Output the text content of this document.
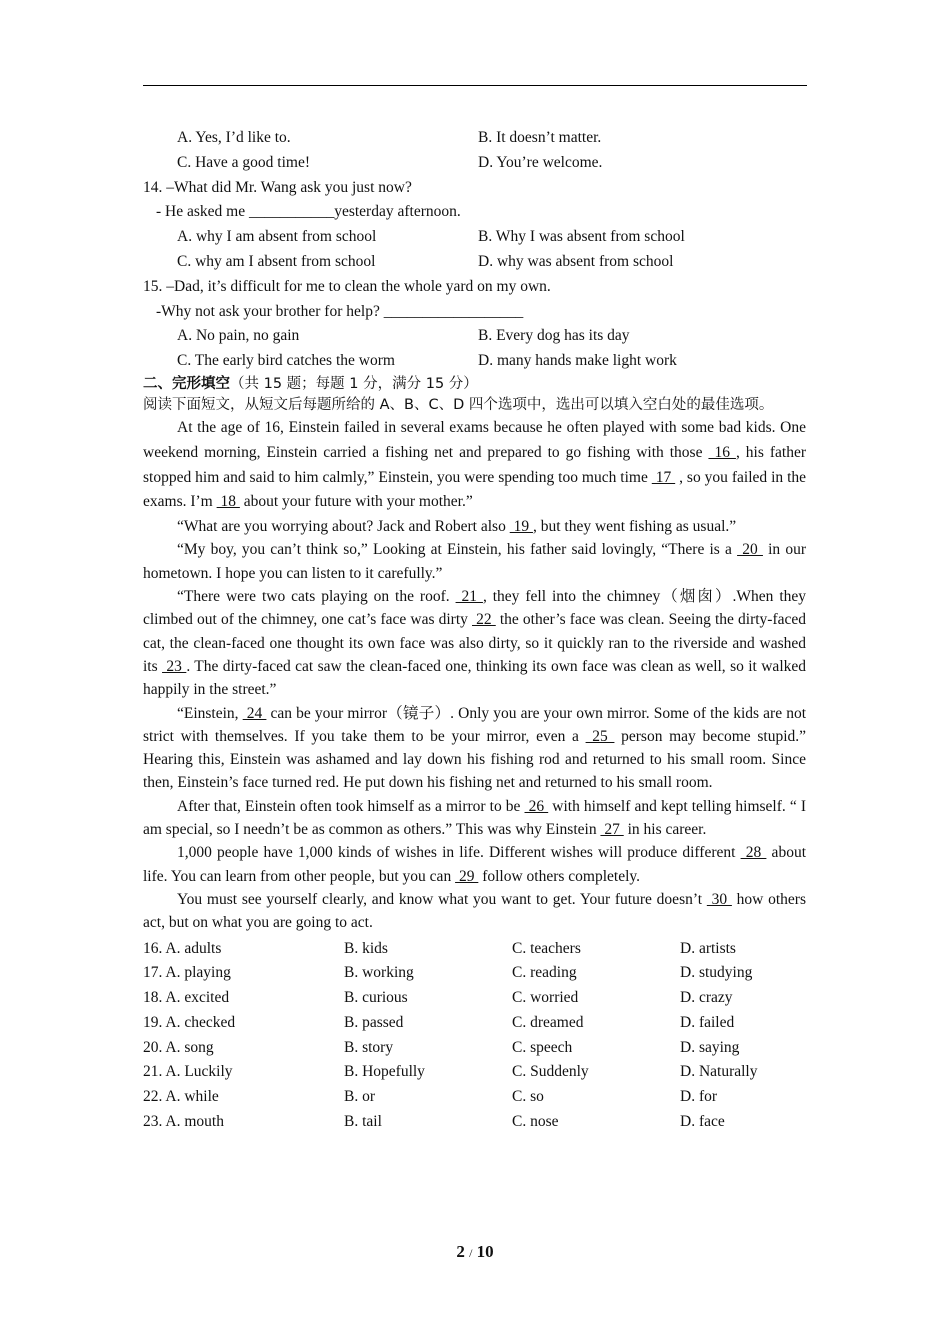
A. Yes, I’d like to.	B. It doesn’t matter.
C. Have a good time!	D. You’re welcome.
14. –What did Mr. Wang ask you just now?
- He asked me ___________yesterday afternoon.
A. why I am absent from school	B. Why I was absent from school
C. why am I absent from school	D. why was absent from school
15. –Dad, it’s difficult for me to clean the whole yard on my own.
-Why not ask your brother for help? __________________
A. No pain, no gain	B. Every dog has its day
C. The early bird catches the worm	D. many hands make light work
二、完形填空（共 15 题；每题 1 分，满分 15 分）
阅读下面短文，从短文后每题所给的 A、B、C、D 四个选项中，选出可以填入空白处的最佳选项。
At the age of 16, Einstein failed in several exams because he often played with some bad kids. One weekend morning, Einstein carried a fishing net and prepared to go fishing with those  16 , his father stopped him and said to him calmly,” Einstein, you were spending too much time  17  , so you failed in the exams. I’m  18  about your future with your mother.”
“What are you worrying about? Jack and Robert also  19 , but they went fishing as usual.”
“My boy, you can’t think so,” Looking at Einstein, his father said lovingly, “There is a  20  in our hometown. I hope you can listen to it carefully.”
“There were two cats playing on the roof.  21 , they fell into the chimney（烟囱）.When they climbed out of the chimney, one cat’s face was dirty  22  the other’s face was clean. Seeing the dirty-faced cat, the clean-faced one thought its own face was also dirty, so it quickly ran to the riverside and washed its  23 . The dirty-faced cat saw the clean-faced one, thinking its own face was clean as well, so it walked happily in the street.”
“Einstein,  24  can be your mirror（镜子）. Only you are your own mirror. Some of the kids are not strict with themselves. If you take them to be your mirror, even a  25  person may become stupid.” Hearing this, Einstein was ashamed and lay down his fishing rod and returned to his small room. Since then, Einstein’s face turned red. He put down his fishing net and returned to his small room.
After that, Einstein often took himself as a mirror to be  26  with himself and kept telling himself. “ I am special, so I needn’t be as common as others.” This was why Einstein  27  in his career.
1,000 people have 1,000 kinds of wishes in life. Different wishes will produce different  28  about life. You can learn from other people, but you can  29  follow others completely.
You must see yourself clearly, and know what you want to get. Your future doesn’t  30  how others act, but on what you are going to act.
16. A. adults	B. kids	C. teachers	D. artists
17. A. playing	B. working	C. reading	D. studying
18. A. excited	B. curious	C. worried	D. crazy
19. A. checked	B. passed	C. dreamed	D. failed
20. A. song	B. story	C. speech	D. saying
21. A. Luckily	B. Hopefully	C. Suddenly	D. Naturally
22. A. while	B. or	C. so	D. for
23. A. mouth	B. tail	C. nose	D. face
2 / 10
